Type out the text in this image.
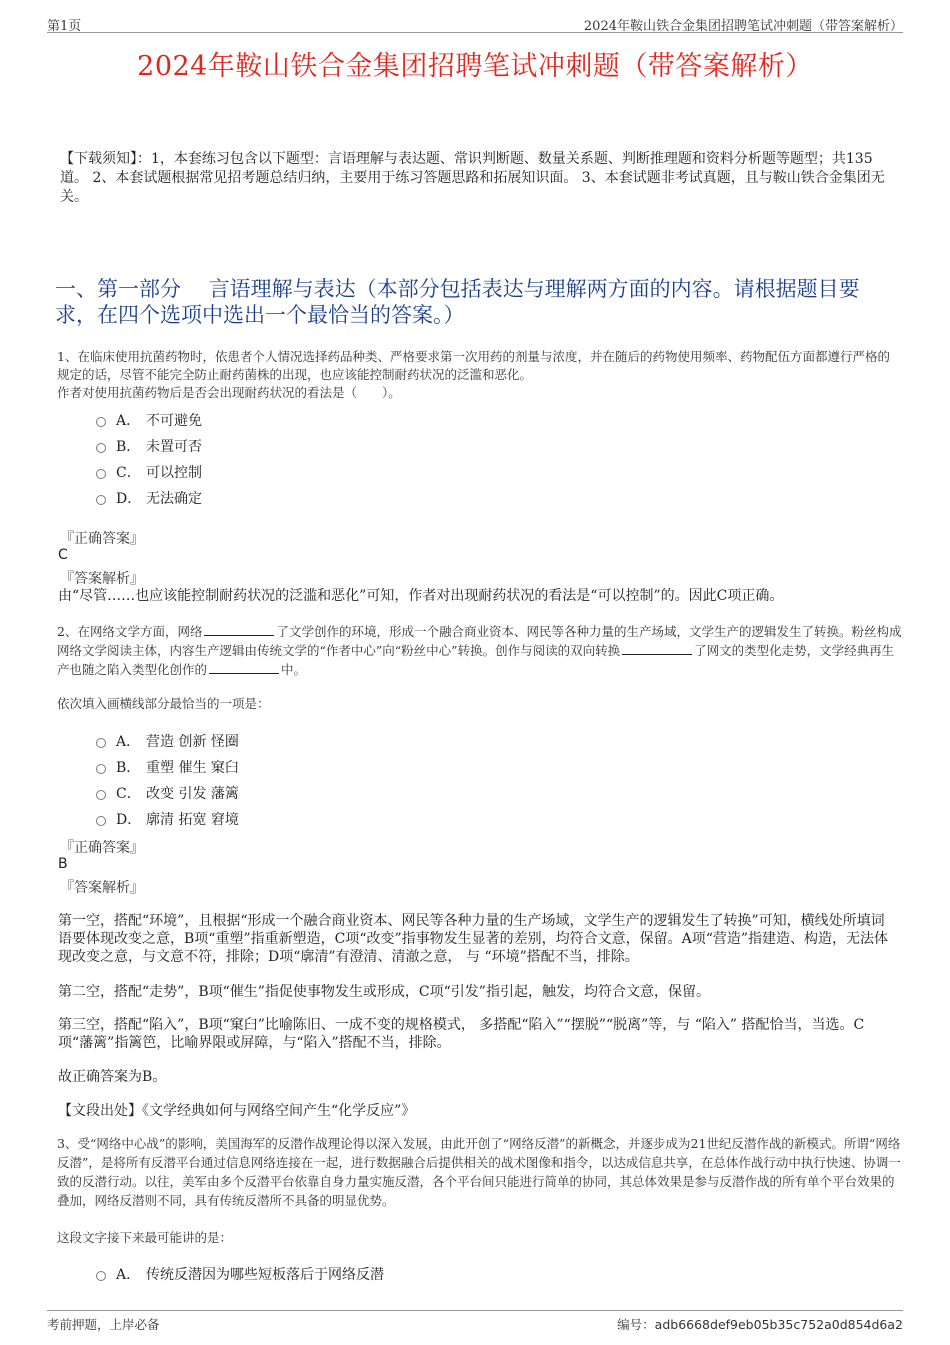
第1页	2024年鞍山铁合金集团招聘笔试冲刺题（带答案解析）
2024年鞍山铁合金集团招聘笔试冲刺题（带答案解析）
【下载须知】：1，本套练习包含以下题型：言语理解与表达题、常识判断题、数量关系题、判断推理题和资料分析题等题型；共135道。 2、本套试题根据常见招考题总结归纳，主要用于练习答题思路和拓展知识面。 3、本套试题非考试真题，且与鞍山铁合金集团无关。
一、第一部分　 言语理解与表达（本部分包括表达与理解两方面的内容。请根据题目要求，在四个选项中选出一个最恰当的答案。）
1、在临床使用抗菌药物时，依患者个人情况选择药品种类、严格要求第一次用药的剂量与浓度，并在随后的药物使用频率、药物配伍方面都遵行严格的规定的话，尽管不能完全防止耐药菌株的出现，也应该能控制耐药状况的泛滥和恶化。
作者对使用抗菌药物后是否会出现耐药状况的看法是（　　）。
A． 不可避免
B． 未置可否
C． 可以控制
D． 无法确定
『正确答案』
C
『答案解析』
由“尽管……也应该能控制耐药状况的泛滥和恶化”可知，作者对出现耐药状况的看法是“可以控制”的。因此C项正确。
2、在网络文学方面，网络	了文学创作的环境，形成一个融合商业资本、网民等各种力量的生产场域，文学生产的逻辑发生了转换。粉丝构成网络文学阅读主体，内容生产逻辑由传统文学的“作者中心”向“粉丝中心”转换。创作与阅读的双向转换	了网文的类型化走势，文学经典再生产也随之陷入类型化创作的	中。
依次填入画横线部分最恰当的一项是：
A． 营造 创新 怪圈
B． 重塑 催生 窠臼
C． 改变 引发 藩篱
D． 廓清 拓宽 窘境
『正确答案』
B
『答案解析』
第一空，搭配“环境”，且根据“形成一个融合商业资本、网民等各种力量的生产场域，文学生产的逻辑发生了转换”可知，横线处所填词语要体现改变之意，B项“重塑”指重新塑造，C项“改变”指事物发生显著的差别，均符合文意，保留。A项“营造”指建造、构造，无法体现改变之意，与文意不符，排除；D项“廓清”有澄清、清澈之意， 与 “环境”搭配不当，排除。
第二空，搭配“走势”，B项“催生”指促使事物发生或形成，C项“引发”指引起，触发，均符合文意，保留。
第三空，搭配“陷入”，B项“窠臼”比喻陈旧、一成不变的规格模式， 多搭配“陷入”“摆脱”“脱离”等，与 “陷入” 搭配恰当，当选。C项“藩篱”指篱笆，比喻界限或屏障，与“陷入”搭配不当，排除。
故正确答案为B。
【文段出处】《文学经典如何与网络空间产生“化学反应”》
3、受“网络中心战”的影响，美国海军的反潜作战理论得以深入发展，由此开创了“网络反潜”的新概念，并逐步成为21世纪反潜作战的新模式。所谓“网络反潜”，是将所有反潜平台通过信息网络连接在一起，进行数据融合后提供相关的战术图像和指令，以达成信息共享，在总体作战行动中执行快速、协调一致的反潜行动。以往，美军由多个反潜平台依靠自身力量实施反潜，各个平台间只能进行简单的协同，其总体效果是参与反潜作战的所有单个平台效果的叠加，网络反潜则不同，具有传统反潜所不具备的明显优势。
这段文字接下来最可能讲的是：
A． 传统反潜因为哪些短板落后于网络反潜
考前押题，上岸必备	编号：adb6668def9eb05b35c752a0d854d6a2
